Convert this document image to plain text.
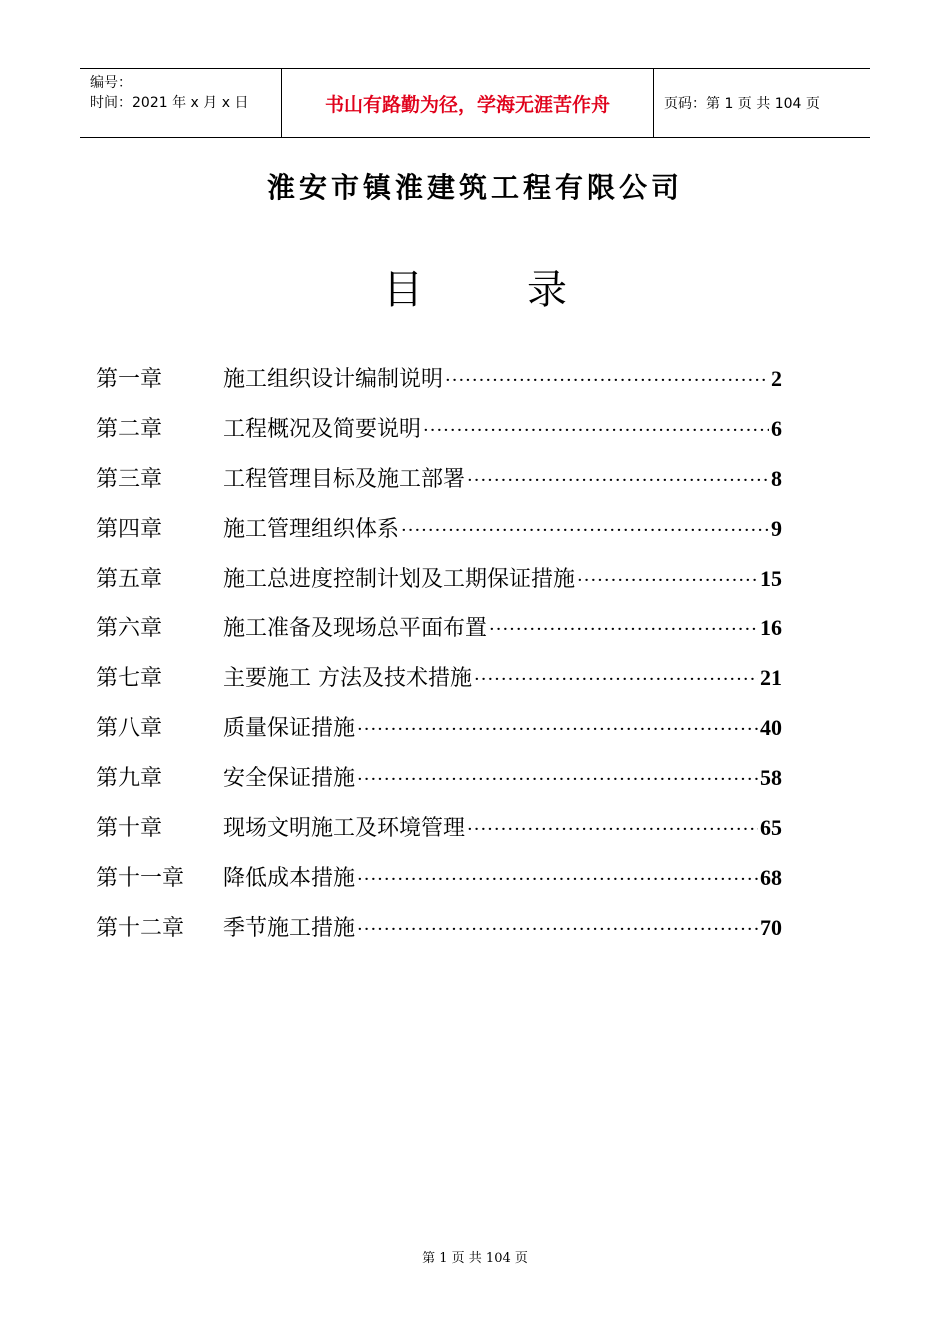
编号：
时间：2021 年 x 月 x 日	书山有路勤为径，学海无涯苦作舟	页码：第 1 页 共 104 页
淮安市镇淮建筑工程有限公司
目	录
第一章	施工组织设计编制说明 ·····	2
第二章	工程概况及简要说明 ·····	6
第三章	工程管理目标及施工部署 ·····	8
第四章	施工管理组织体系 ·····	9
第五章	施工总进度控制计划及工期保证措施 ·····	15
第六章	施工准备及现场总平面布置 ·····	16
第七章	主要施工 方法及技术措施 ·····	21
第八章	质量保证措施 ·····	40
第九章	安全保证措施 ·····	58
第十章	现场文明施工及环境管理 ·····	65
第十一章	降低成本措施 ·····	68
第十二章	季节施工措施 ·····	70
第 1 页 共 104 页
